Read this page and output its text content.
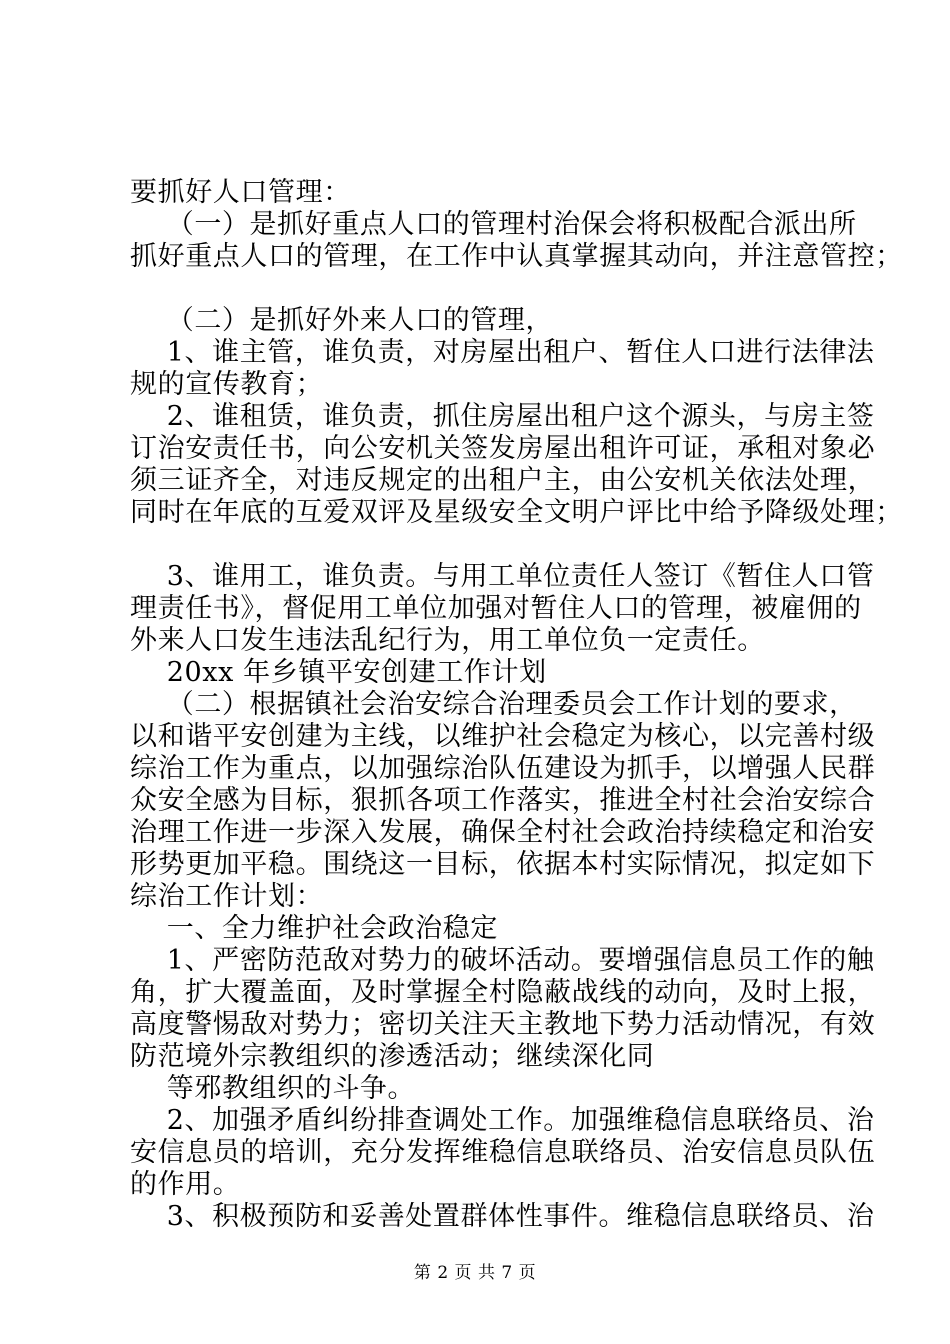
要抓好人口管理：
（一）是抓好重点人口的管理村治保会将积极配合派出所
抓好重点人口的管理，在工作中认真掌握其动向，并注意管控；
（二）是抓好外来人口的管理，
1、谁主管，谁负责，对房屋出租户、暂住人口进行法律法
规的宣传教育；
2、谁租赁，谁负责，抓住房屋出租户这个源头，与房主签
订治安责任书，向公安机关签发房屋出租许可证，承租对象必
须三证齐全，对违反规定的出租户主，由公安机关依法处理，
同时在年底的互爱双评及星级安全文明户评比中给予降级处理；
3、谁用工，谁负责。与用工单位责任人签订《暂住人口管
理责任书》，督促用工单位加强对暂住人口的管理，被雇佣的
外来人口发生违法乱纪行为，用工单位负一定责任。
20xx 年乡镇平安创建工作计划
（二）根据镇社会治安综合治理委员会工作计划的要求，
以和谐平安创建为主线，以维护社会稳定为核心，以完善村级
综治工作为重点，以加强综治队伍建设为抓手，以增强人民群
众安全感为目标，狠抓各项工作落实，推进全村社会治安综合
治理工作进一步深入发展，确保全村社会政治持续稳定和治安
形势更加平稳。围绕这一目标，依据本村实际情况，拟定如下
综治工作计划：
一、全力维护社会政治稳定
1、严密防范敌对势力的破坏活动。要增强信息员工作的触
角，扩大覆盖面，及时掌握全村隐蔽战线的动向，及时上报，
高度警惕敌对势力；密切关注天主教地下势力活动情况，有效
防范境外宗教组织的渗透活动；继续深化同
等邪教组织的斗争。
2、加强矛盾纠纷排查调处工作。加强维稳信息联络员、治
安信息员的培训，充分发挥维稳信息联络员、治安信息员队伍
的作用。
3、积极预防和妥善处置群体性事件。维稳信息联络员、治
第 2 页 共 7 页
